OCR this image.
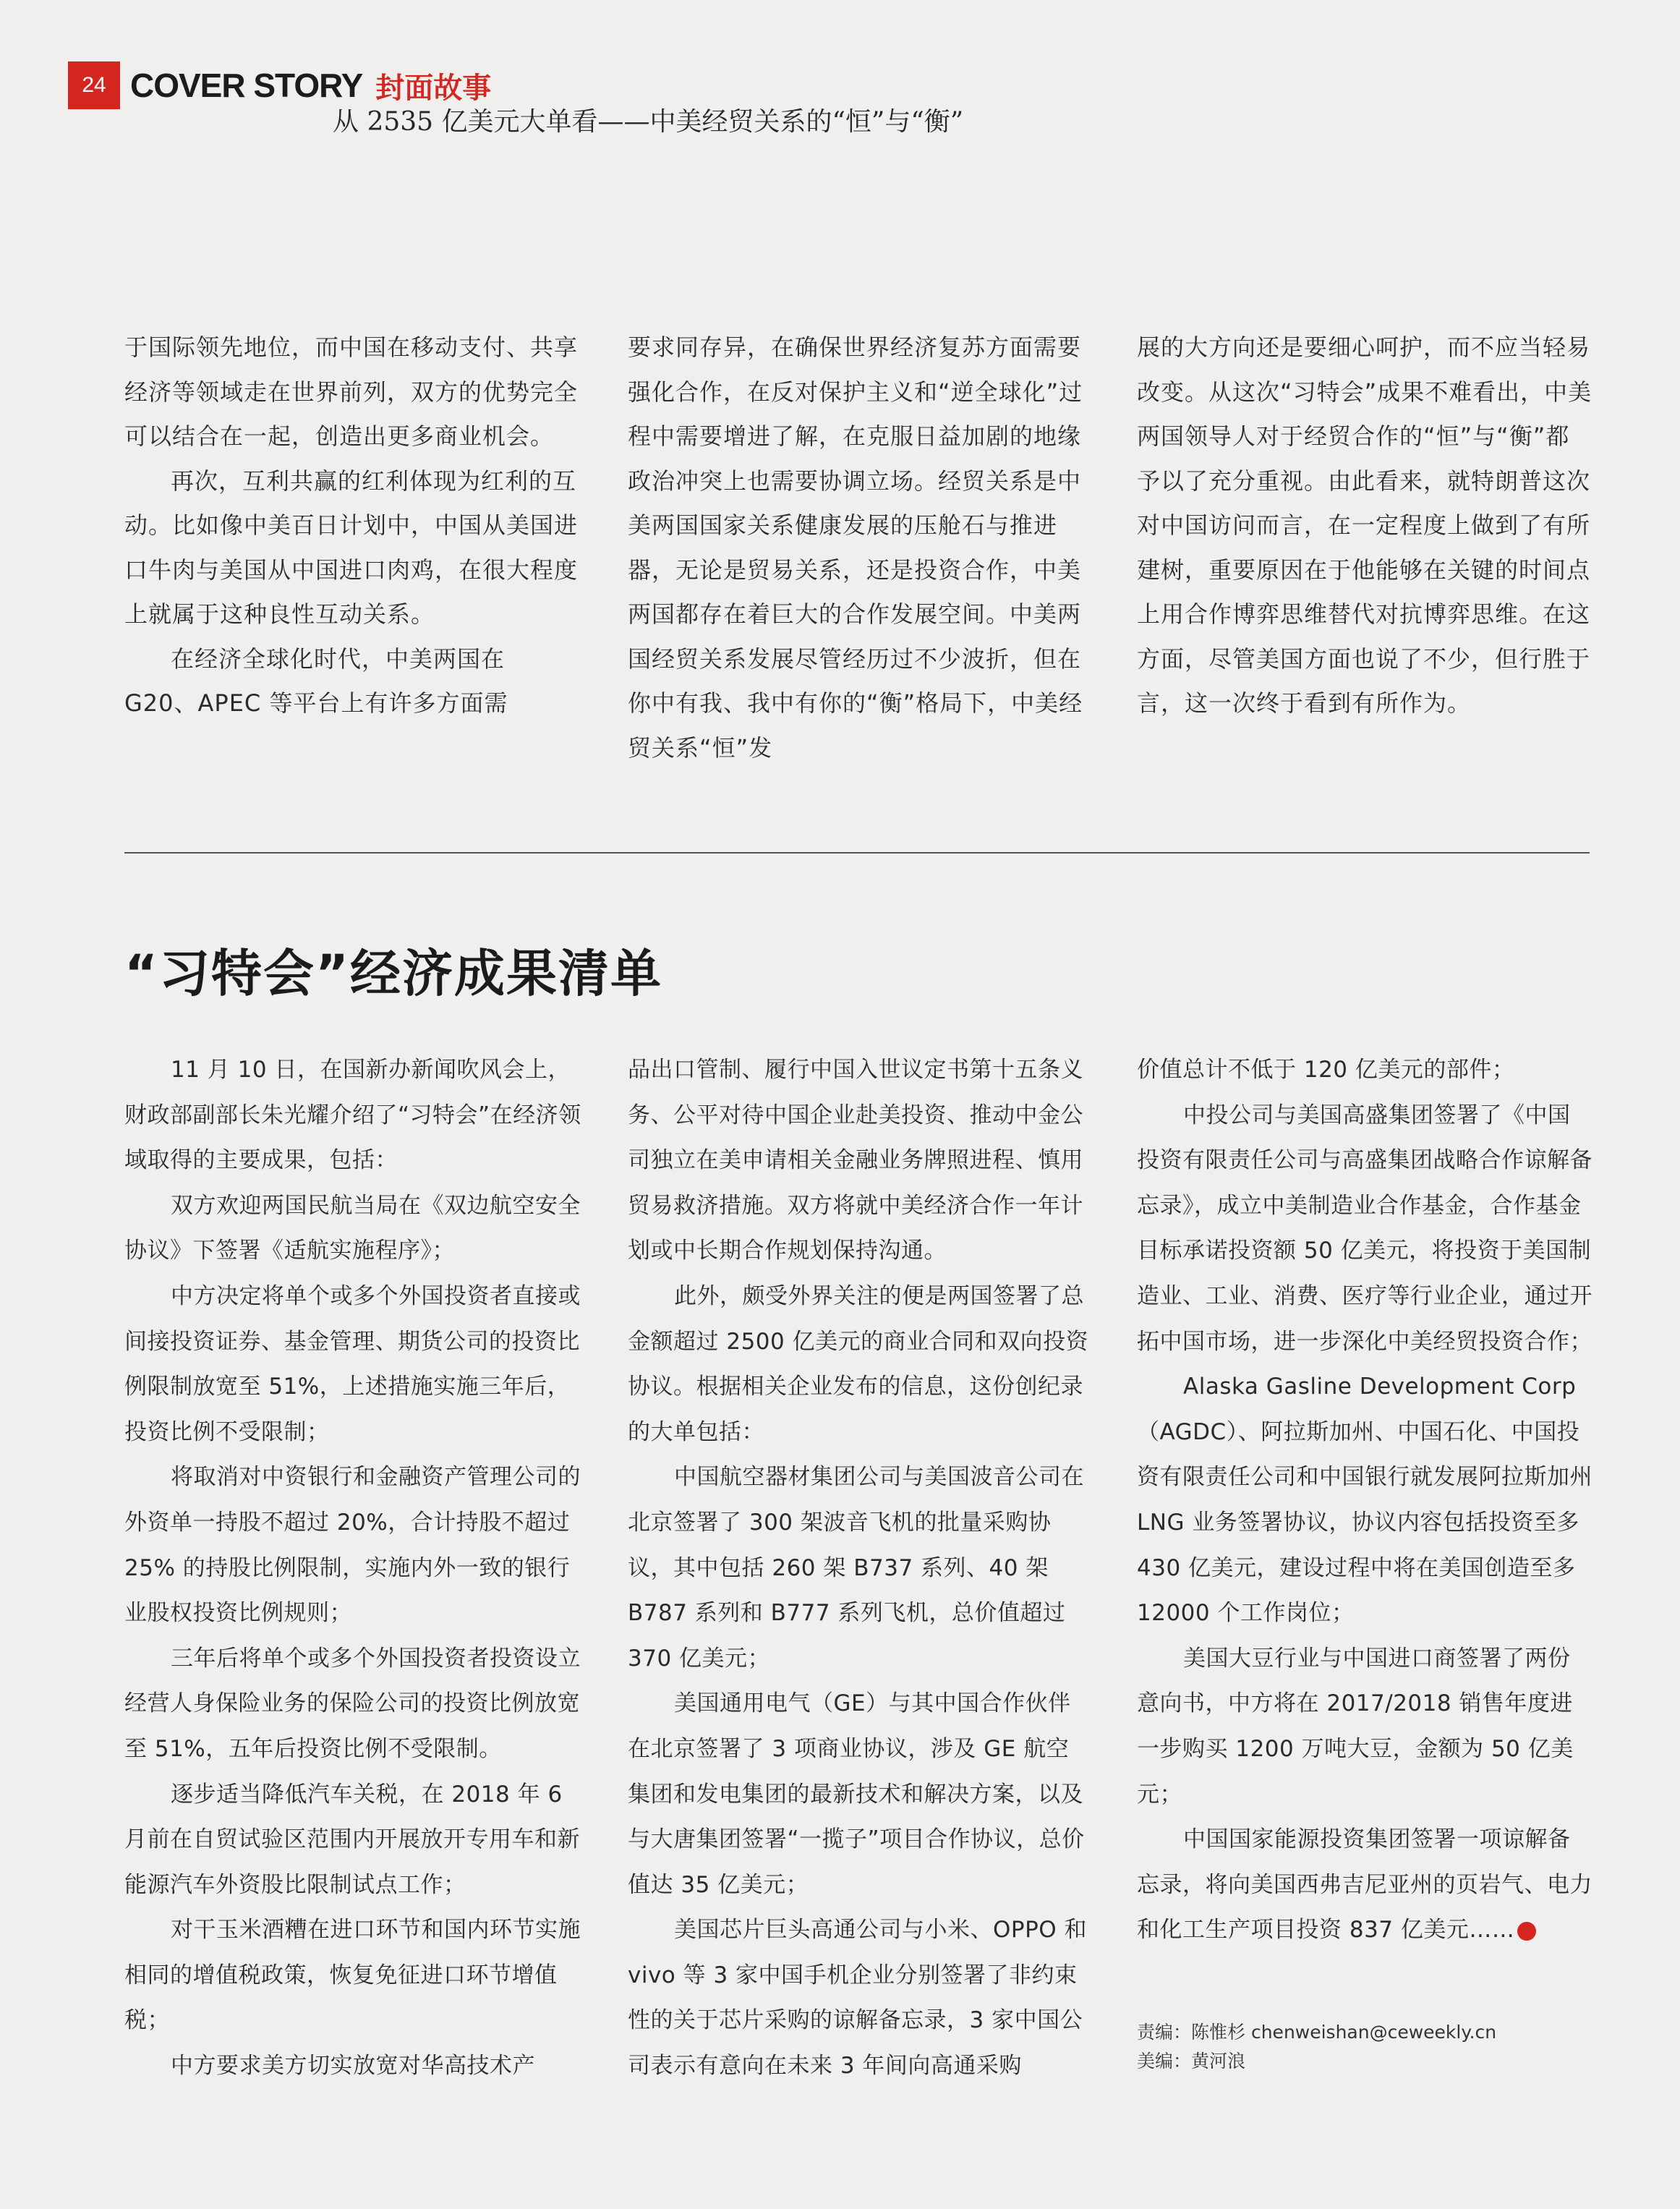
24 COVER STORY 封面故事
从 2535 亿美元大单看——中美经贸关系的“恒”与“衡”

于国际领先地位，而中国在移动支付、共享经济等领域走在世界前列，双方的优势完全可以结合在一起，创造出更多商业机会。

再次，互利共赢的红利体现为红利的互动。比如像中美百日计划中，中国从美国进口牛肉与美国从中国进口肉鸡，在很大程度上就属于这种良性互动关系。

在经济全球化时代，中美两国在 G20、APEC 等平台上有许多方面需

要求同存异，在确保世界经济复苏方面需要强化合作，在反对保护主义和“逆全球化”过程中需要增进了解，在克服日益加剧的地缘政治冲突上也需要协调立场。经贸关系是中美两国国家关系健康发展的压舱石与推进器，无论是贸易关系，还是投资合作，中美两国都存在着巨大的合作发展空间。中美两国经贸关系发展尽管经历过不少波折，但在你中有我、我中有你的“衡”格局下，中美经贸关系“恒”发

展的大方向还是要细心呵护，而不应当轻易改变。从这次“习特会”成果不难看出，中美两国领导人对于经贸合作的“恒”与“衡”都予以了充分重视。由此看来，就特朗普这次对中国访问而言，在一定程度上做到了有所建树，重要原因在于他能够在关键的时间点上用合作博弈思维替代对抗博弈思维。在这方面，尽管美国方面也说了不少，但行胜于言，这一次终于看到有所作为。

“习特会”经济成果清单

11 月 10 日，在国新办新闻吹风会上，财政部副部长朱光耀介绍了“习特会”在经济领域取得的主要成果，包括：

双方欢迎两国民航当局在《双边航空安全协议》下签署《适航实施程序》；

中方决定将单个或多个外国投资者直接或间接投资证券、基金管理、期货公司的投资比例限制放宽至 51%，上述措施实施三年后，投资比例不受限制；

将取消对中资银行和金融资产管理公司的外资单一持股不超过 20%，合计持股不超过 25% 的持股比例限制，实施内外一致的银行业股权投资比例规则；

三年后将单个或多个外国投资者投资设立经营人身保险业务的保险公司的投资比例放宽至 51%，五年后投资比例不受限制。

逐步适当降低汽车关税，在 2018 年 6 月前在自贸试验区范围内开展放开专用车和新能源汽车外资股比限制试点工作；

对干玉米酒糟在进口环节和国内环节实施相同的增值税政策，恢复免征进口环节增值税；

中方要求美方切实放宽对华高技术产

品出口管制、履行中国入世议定书第十五条义务、公平对待中国企业赴美投资、推动中金公司独立在美申请相关金融业务牌照进程、慎用贸易救济措施。双方将就中美经济合作一年计划或中长期合作规划保持沟通。

此外，颇受外界关注的便是两国签署了总金额超过 2500 亿美元的商业合同和双向投资协议。根据相关企业发布的信息，这份创纪录的大单包括：

中国航空器材集团公司与美国波音公司在北京签署了 300 架波音飞机的批量采购协议，其中包括 260 架 B737 系列、40 架 B787 系列和 B777 系列飞机，总价值超过 370 亿美元；

美国通用电气（GE）与其中国合作伙伴在北京签署了 3 项商业协议，涉及 GE 航空集团和发电集团的最新技术和解决方案，以及与大唐集团签署“一揽子”项目合作协议，总价值达 35 亿美元；

美国芯片巨头高通公司与小米、OPPO 和 vivo 等 3 家中国手机企业分别签署了非约束性的关于芯片采购的谅解备忘录，3 家中国公司表示有意向在未来 3 年间向高通采购

价值总计不低于 120 亿美元的部件；

中投公司与美国高盛集团签署了《中国投资有限责任公司与高盛集团战略合作谅解备忘录》，成立中美制造业合作基金，合作基金目标承诺投资额 50 亿美元，将投资于美国制造业、工业、消费、医疗等行业企业，通过开拓中国市场，进一步深化中美经贸投资合作；

Alaska Gasline Development Corp（AGDC）、阿拉斯加州、中国石化、中国投资有限责任公司和中国银行就发展阿拉斯加州 LNG 业务签署协议，协议内容包括投资至多 430 亿美元，建设过程中将在美国创造至多 12000 个工作岗位；

美国大豆行业与中国进口商签署了两份意向书，中方将在 2017/2018 销售年度进一步购买 1200 万吨大豆，金额为 50 亿美元；

中国国家能源投资集团签署一项谅解备忘录，将向美国西弗吉尼亚州的页岩气、电力和化工生产项目投资 837 亿美元……

责编：陈惟杉 chenweishan@ceweekly.cn
美编：黄河浪
